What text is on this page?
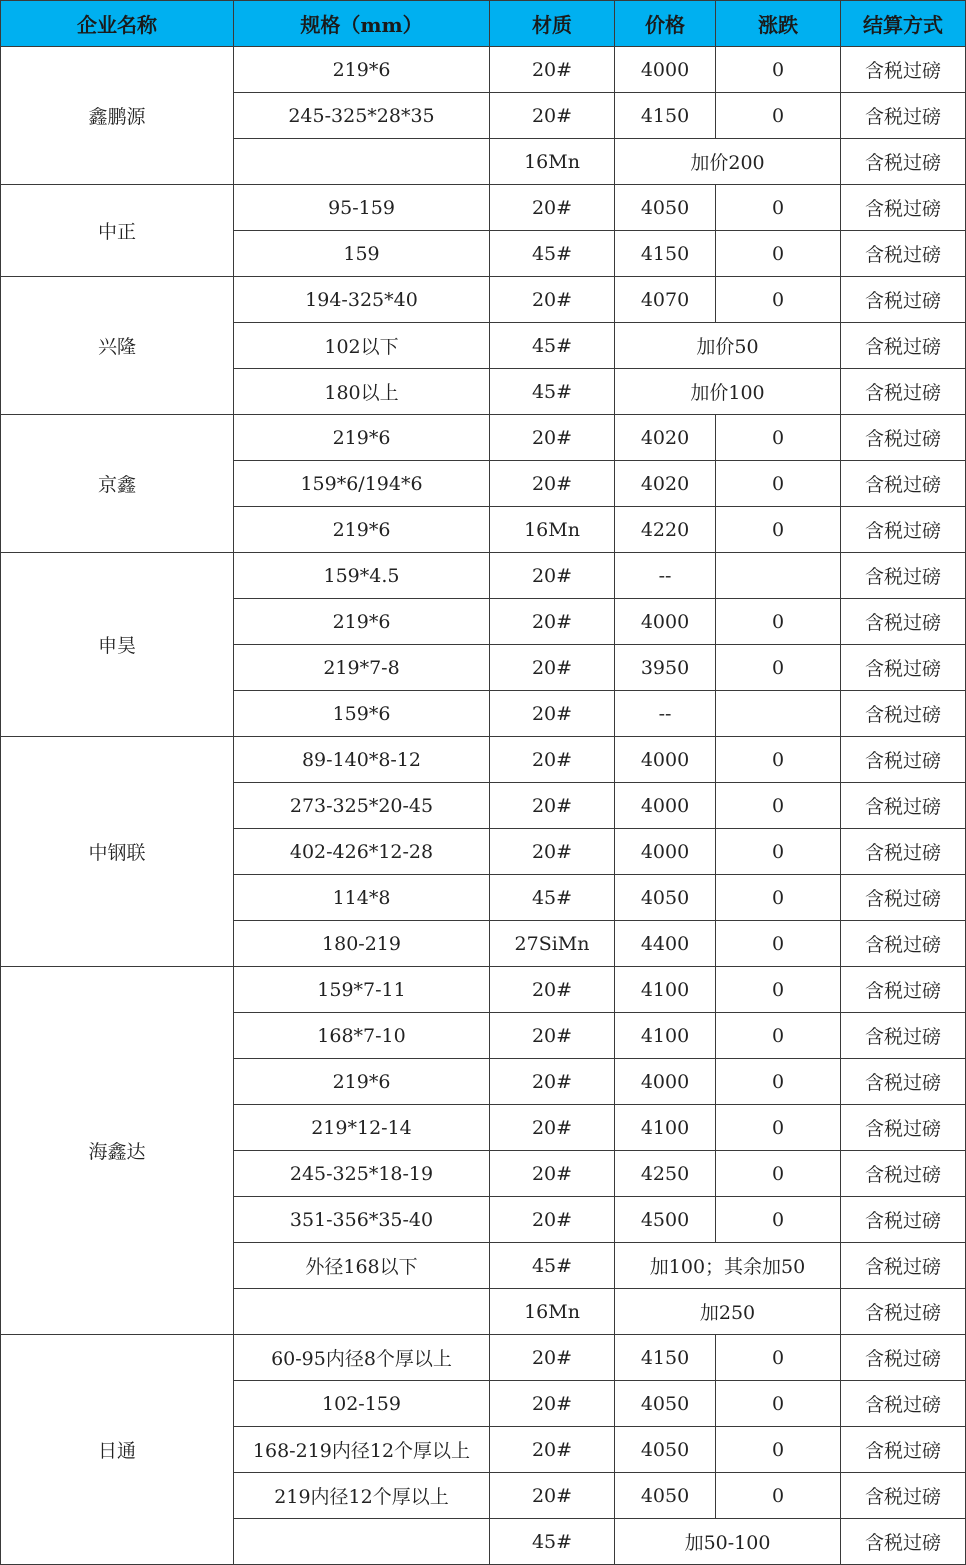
企业名称	规格（mm）	材质	价格	涨跌	结算方式
鑫鹏源	219*6	20#	4000	0	含税过磅
	245-325*28*35	20#	4150	0	含税过磅
		16Mn	加价200		含税过磅
中正	95-159	20#	4050	0	含税过磅
	159	45#	4150	0	含税过磅
兴隆	194-325*40	20#	4070	0	含税过磅
	102以下	45#	加价50		含税过磅
	180以上	45#	加价100		含税过磅
京鑫	219*6	20#	4020	0	含税过磅
	159*6/194*6	20#	4020	0	含税过磅
	219*6	16Mn	4220	0	含税过磅
申昊	159*4.5	20#	--		含税过磅
	219*6	20#	4000	0	含税过磅
	219*7-8	20#	3950	0	含税过磅
	159*6	20#	--		含税过磅
中钢联	89-140*8-12	20#	4000	0	含税过磅
	273-325*20-45	20#	4000	0	含税过磅
	402-426*12-28	20#	4000	0	含税过磅
	114*8	45#	4050	0	含税过磅
	180-219	27SiMn	4400	0	含税过磅
海鑫达	159*7-11	20#	4100	0	含税过磅
	168*7-10	20#	4100	0	含税过磅
	219*6	20#	4000	0	含税过磅
	219*12-14	20#	4100	0	含税过磅
	245-325*18-19	20#	4250	0	含税过磅
	351-356*35-40	20#	4500	0	含税过磅
	外径168以下	45#	加100；其余加50		含税过磅
		16Mn	加250		含税过磅
日通	60-95内径8个厚以上	20#	4150	0	含税过磅
	102-159	20#	4050	0	含税过磅
	168-219内径12个厚以上	20#	4050	0	含税过磅
	219内径12个厚以上	20#	4050	0	含税过磅
		45#	加50-100		含税过磅
